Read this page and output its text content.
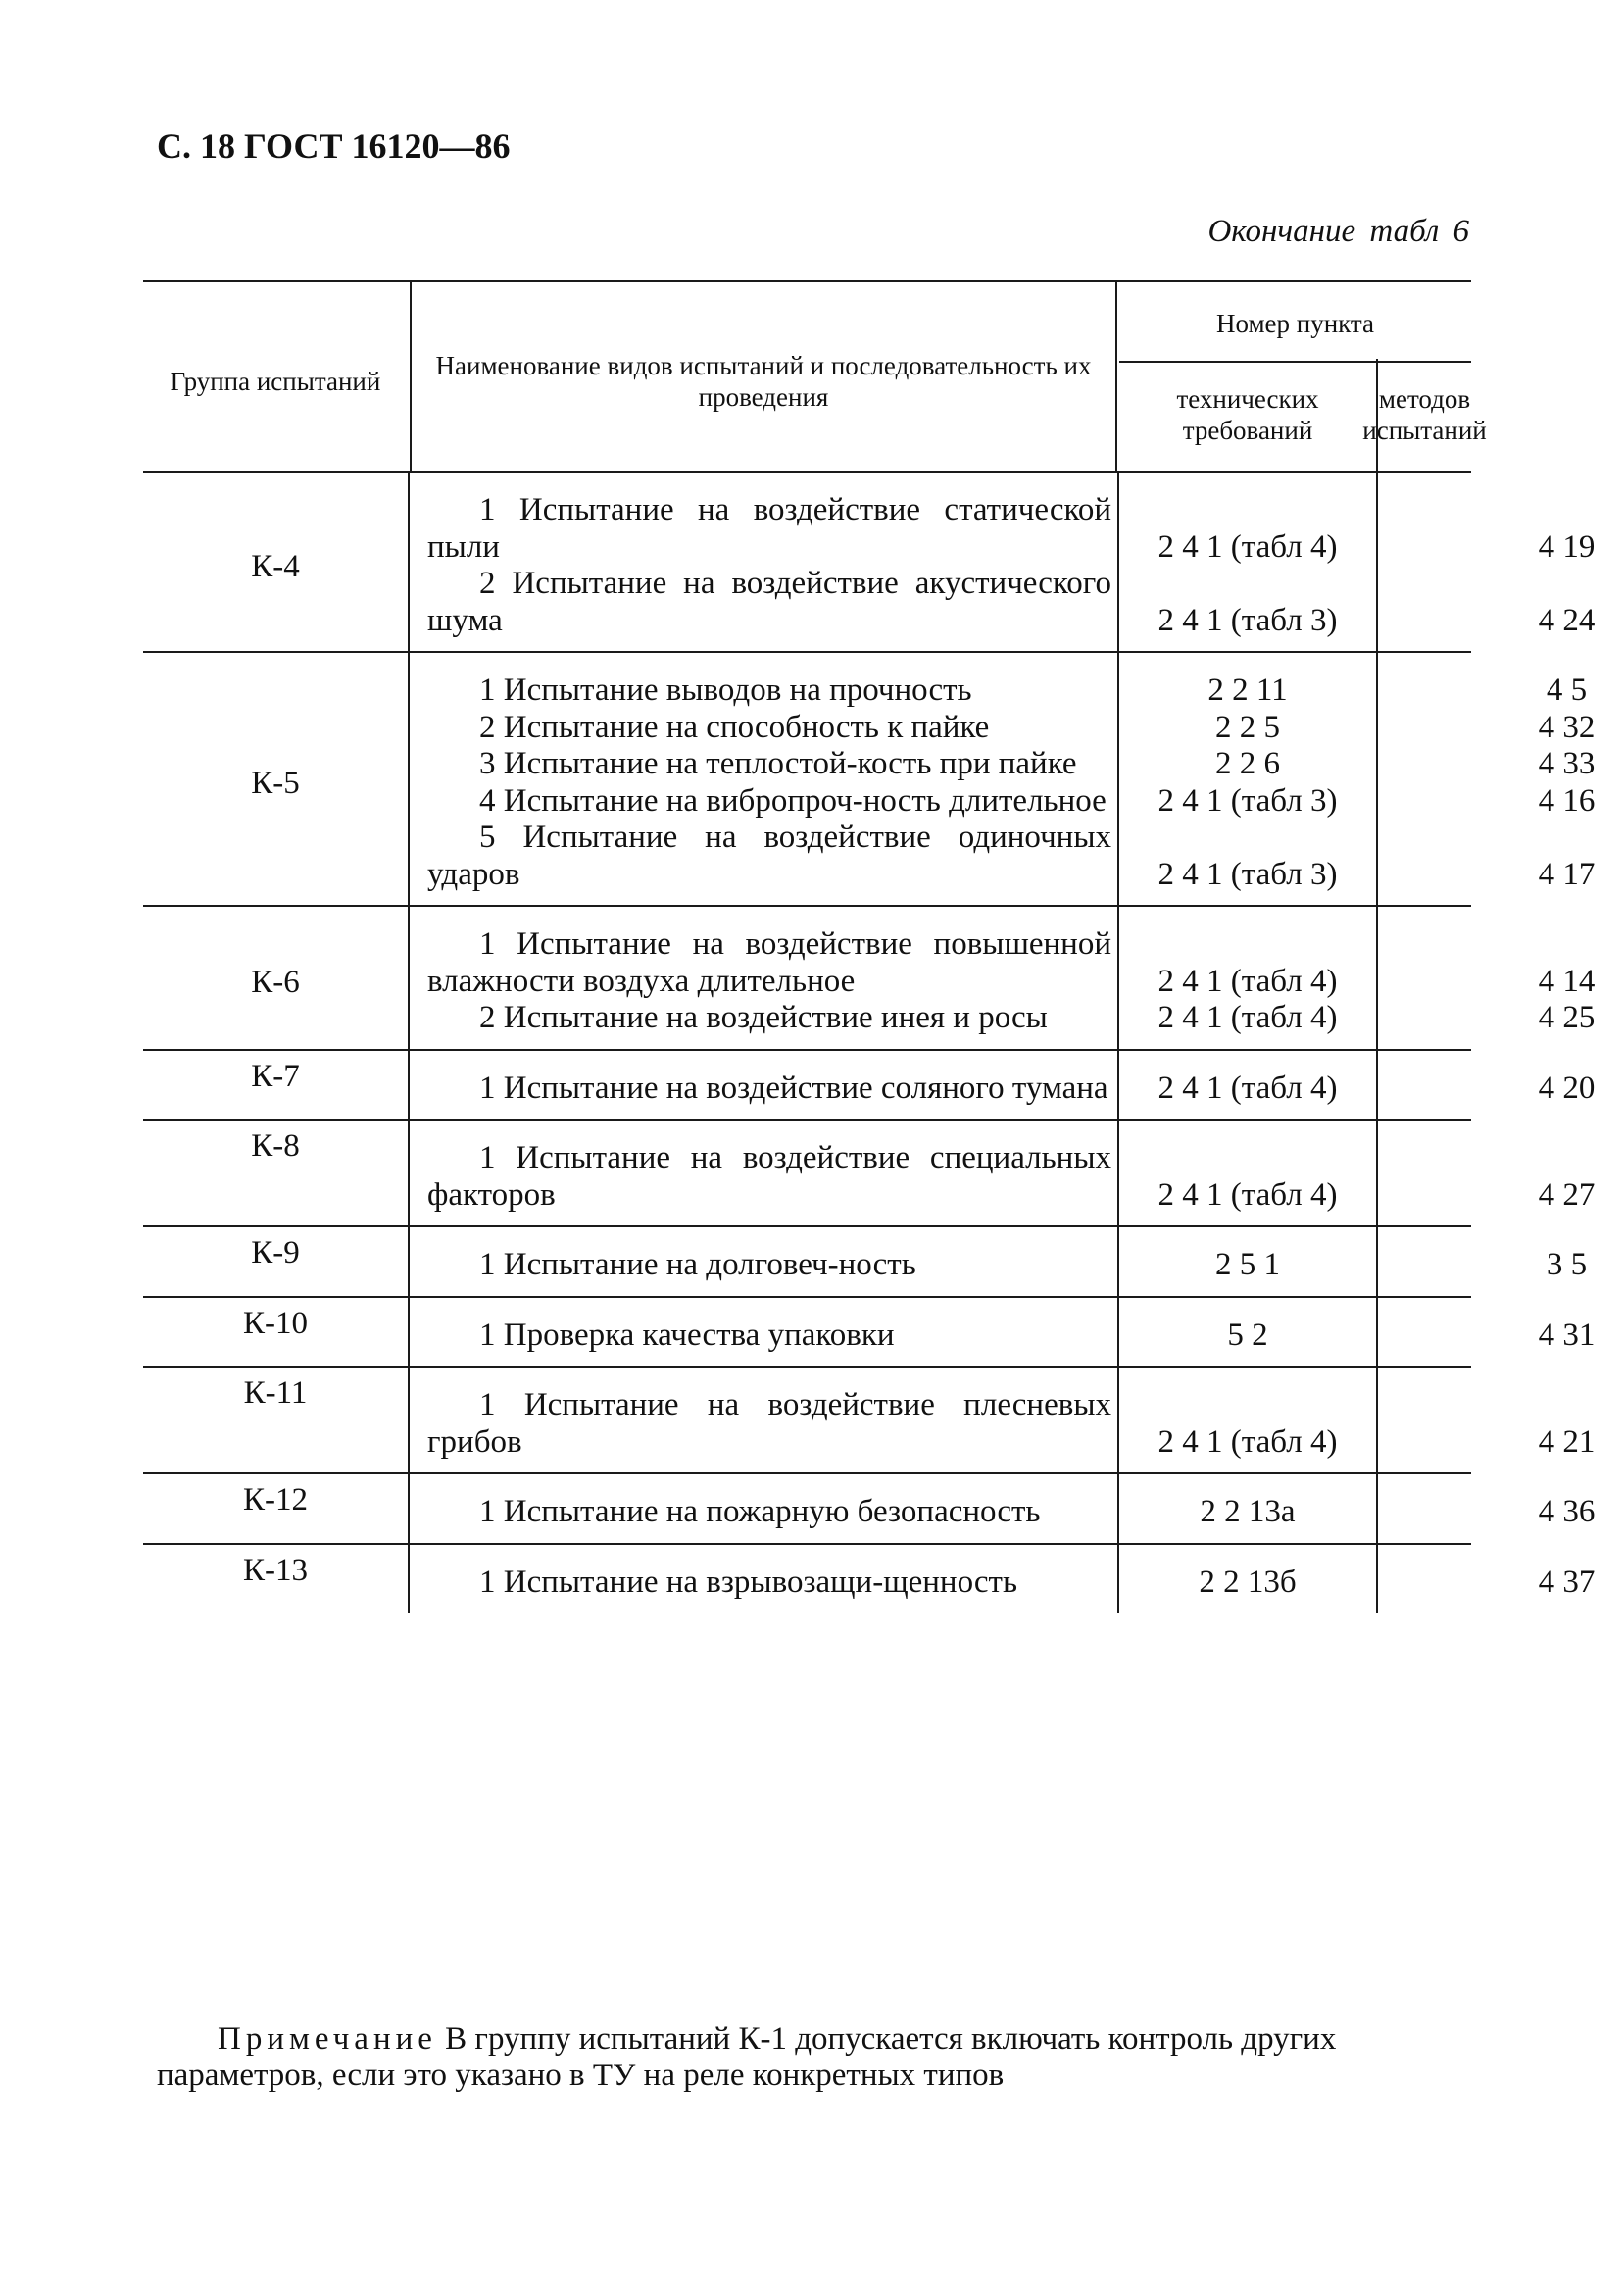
С. 18 ГОСТ 16120—86
Окончание табл 6
Группа испытаний
Наименование видов испытаний и последовательность их проведения
Номер пункта
технических требований
методов испытаний
К-4
1 Испытание на воздействие статической пыли	2 4 1 (табл 4)	4 19
2 Испытание на воздействие акустического шума	2 4 1 (табл 3)	4 24
К-5
1 Испытание выводов на прочность	2 2 11	4 5
2 Испытание на способность к пайке	2 2 5	4 32
3 Испытание на теплостой-кость при пайке	2 2 6	4 33
4 Испытание на вибропроч-ность длительное	2 4 1 (табл 3)	4 16
5 Испытание на воздействие одиночных ударов	2 4 1 (табл 3)	4 17
К-6
1 Испытание на воздействие повышенной влажности воздуха длительное	2 4 1 (табл 4)	4 14
2 Испытание на воздействие инея и росы	2 4 1 (табл 4)	4 25
К-7	1 Испытание на воздействие соляного тумана	2 4 1 (табл 4)	4 20
К-8	1 Испытание на воздействие специальных факторов	2 4 1 (табл 4)	4 27
К-9	1 Испытание на долговеч-ность	2 5 1	3 5
К-10	1 Проверка качества упаковки	5 2	4 31
К-11	1 Испытание на воздействие плесневых грибов	2 4 1 (табл 4)	4 21
К-12	1 Испытание на пожарную безопасность	2 2 13а	4 36
К-13	1 Испытание на взрывозащи-щенность	2 2 13б	4 37
Примечание В группу испытаний К-1 допускается включать контроль других параметров, если это указано в ТУ на реле конкретных типов
